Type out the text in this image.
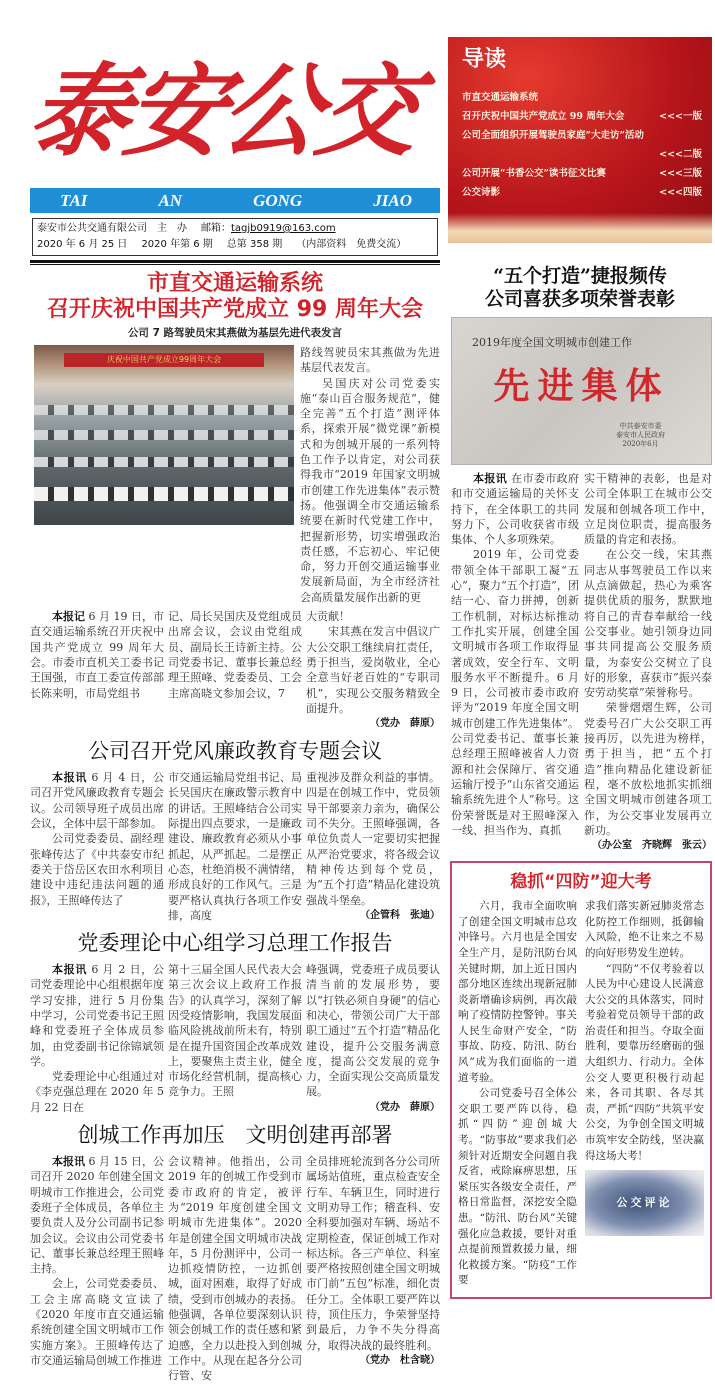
泰安公交
TAI	AN	GONG	JIAO
泰安市公共交通有限公司　主　办 邮箱：tagjb0919@163.com
2020 年 6 月 25 日 2020 年第 6 期 总第 358 期 （内部资料　免费交流）
市直交通运输系统
召开庆祝中国共产党成立 99 周年大会
公司 7 路驾驶员宋其燕做为基层先进代表发言
庆祝中国共产党成立99周年大会

路线驾驶员宋其燕做为先进基层代表发言。

吴国庆对公司党委实施“泰山百合服务规范”，健全完善“五个打造”测评体系，探索开展“微党课”新模式和为创城开展的一系列特色工作予以肯定，对公司获得我市“2019 年国家文明城市创建工作先进集体”表示赞扬。他强调全市交通运输系统要在新时代党建工作中，把握新形势，切实增强政治责任感，不忘初心、牢记使命，努力开创交通运输事业发展新局面，为全市经济社会高质量发展作出新的更

本报记 6 月 19 日，市直交通运输系统召开庆祝中国共产党成立 99 周年大会。市委市直机关工委书记王国强，市直工委宣传部部长陈来明，市局党组书

记、局长吴国庆及党组成员出席会议，会议由党组成员、副局长王诗新主持。公司党委书记、董事长兼总经理王照峰、党委委员、工会主席高晓文参加会议，7

大贡献！

宋其燕在发言中倡议广大公交职工继续肩扛责任，勇于担当，爱岗敬业，全心全意当好老百姓的“专职司机”，实现公交服务精致全面提升。

（党办　薛原）
公司召开党风廉政教育专题会议

本报讯 6 月 4 日，公司召开党风廉政教育专题会议。公司领导班子成员出席会议，全体中层干部参加。

公司党委委员、副经理张峰传达了《中共泰安市纪委关于岱岳区农田水利项目建设中违纪违法问题的通报》，王照峰传达了

市交通运输局党组书记、局长吴国庆在廉政警示教育中的讲话。王照峰结合公司实际提出四点要求，一是廉政建设、廉政教育必须从小事抓起，从严抓起。二是摆正心态，杜绝消极不满情绪，形成良好的工作风气。三是要严格认真执行各项工作安排，高度

重视涉及群众利益的事情。四是在创城工作中，党员领导干部要亲力亲为，确保公司不失分。王照峰强调，各单位负责人一定要切实把握从严治党要求，将各级会议精神传达到每个党员，为“五个打造”精品化建设筑强战斗堡垒。

（企管科　张迪）
党委理论中心组学习总理工作报告

本报讯 6 月 2 日，公司党委理论中心组根据年度学习安排，进行 5 月份集中学习，公司党委书记王照峰和党委班子全体成员参加，由党委副书记徐锦斌领学。

党委理论中心组通过对《李克强总理在 2020 年 5 月 22 日在

第十三届全国人民代表大会第三次会议上政府工作报告》的认真学习，深刻了解因受疫情影响，我国发展面临风险挑战前所未有，特别是在提升国资国企改革成效上，要聚焦主责主业，健全市场化经营机制，提高核心竞争力。王照

峰强调，党委班子成员要认清当前的发展形势，要以“打铁必须自身硬”的信心和决心，带领公司广大干部职工通过“五个打造”精品化建设，提升公交服务满意度，提高公交发展的竞争力，全面实现公交高质量发展。

（党办　薛原）
创城工作再加压　文明创建再部署

本报讯 6 月 15 日，公司召开 2020 年创建全国文明城市工作推进会，公司党委班子全体成员，各单位主要负责人及分公司副书记参加会议。会议由公司党委书记、董事长兼总经理王照峰主持。

会上，公司党委委员、工会主席高晓文宣读了《2020 年度市直交通运输系统创建全国文明城市工作实施方案》。王照峰传达了市交通运输局创城工作推进

会议精神。他指出，公司 2019 年的创城工作受到市委市政府的肯定，被评为“2019 年度创建全国文明城市先进集体”。2020 年是创建全国文明城市决战年，5 月份测评中，公司一边抓疫情防控，一边抓创城，面对困难，取得了好成绩，受到市创城办的表扬。他强调，各单位要深刻认识领会创城工作的责任感和紧迫感，全力以赴投入到创城工作中。从现在起各分公司行管、安

全员排班轮流到各分公司所属场站值班，重点检查安全行车、车辆卫生，同时进行文明劝导工作；稽查科、安全科要加强对车辆、场站不定期检查，保证创城工作对标达标。各三产单位、科室要严格按照创建全国文明城市门前“五包”标准，细化责任分工。全体职工要严阵以待，顶住压力，争荣誉坚持到最后，力争不失分得高分，取得决战的最终胜利。

（党办　杜含晓）
导读
市直交通运输系统
召开庆祝中国共产党成立 99 周年大会	<<<一版
公司全面组织开展驾驶员家庭“大走访”活动
<<<二版
公司开展“书香公交”读书征文比赛	<<<三版
公交诗影	<<<四版
“五个打造”捷报频传
公司喜获多项荣誉表彰
2019年度全国文明城市创建工作
先进集体
中共泰安市委
泰安市人民政府
2020年6月

本报讯 在市委市政府和市交通运输局的关怀支持下，在全体职工的共同努力下，公司收获省市级集体、个人多项殊荣。

2019 年，公司党委带领全体干部职工凝“五心”，聚力“五个打造”，团结一心、奋力拼搏，创新工作机制，对标达标推动工作扎实开展，创建全国文明城市各项工作取得显著成效，安全行车、文明服务水平不断提升。6 月 9 日，公司被市委市政府评为“2019 年度全国文明城市创建工作先进集体”。公司党委书记、董事长兼总经理王照峰被省人力资源和社会保障厅、省交通运输厅授予“山东省交通运输系统先进个人”称号。这份荣誉既是对王照峰深入一线、担当作为、真抓

实干精神的表彰，也是对公司全体职工在城市公交发展和创城各项工作中，立足岗位职责，提高服务质量的肯定和表扬。

在公交一线，宋其燕同志从事驾驶员工作以来从点滴做起，热心为乘客提供优质的服务，默默地将自己的青春奉献给一线公交事业。她引领身边同事共同提高公交服务质量，为泰安公交树立了良好的形象，喜获市“振兴泰安劳动奖章”荣誉称号。

荣誉熠熠生辉，公司党委号召广大公交职工再接再厉，以先进为榜样，勇于担当，把“五个打造”推向精品化建设新征程，毫不放松地抓实抓细全国文明城市创建各项工作，为公交事业发展再立新功。

（办公室　齐晓辉　张云）
稳抓“四防”迎大考

六月，我市全面吹响了创建全国文明城市总攻冲锋号。六月也是全国安全生产月，是防汛防台风关键时期，加上近日国内部分地区连续出现新冠肺炎新增确诊病例，再次敲响了疫情防控警钟。事关人民生命财产安全，“防事故、防疫、防汛、防台风”成为我们面临的一道道考验。

公司党委号召全体公交职工要严阵以待，稳抓“四防”迎创城大考。“防事故”要求我们必须针对近期安全问题自我反省，戒除麻痹思想，压紧压实各级安全责任，严格日常监督，深挖安全隐患。“防汛、防台风”关键强化应急救援，要针对重点提前预置救援力量，细化救援方案。“防疫”工作要

求我们落实新冠肺炎常态化防控工作细则，抵御输入风险，绝不让来之不易的向好形势发生逆转。

“四防”不仅考验着以人民为中心建设人民满意大公交的具体落实，同时考验着党员领导干部的政治责任和担当。夺取全面胜利，要靠历经磨砺的强大组织力、行动力。全体公交人要更积极行动起来，各司其职、各尽其责，严抓“四防”共筑平安公交，为争创全国文明城市筑牢安全防线，坚决赢得这场大考！

公交评论
